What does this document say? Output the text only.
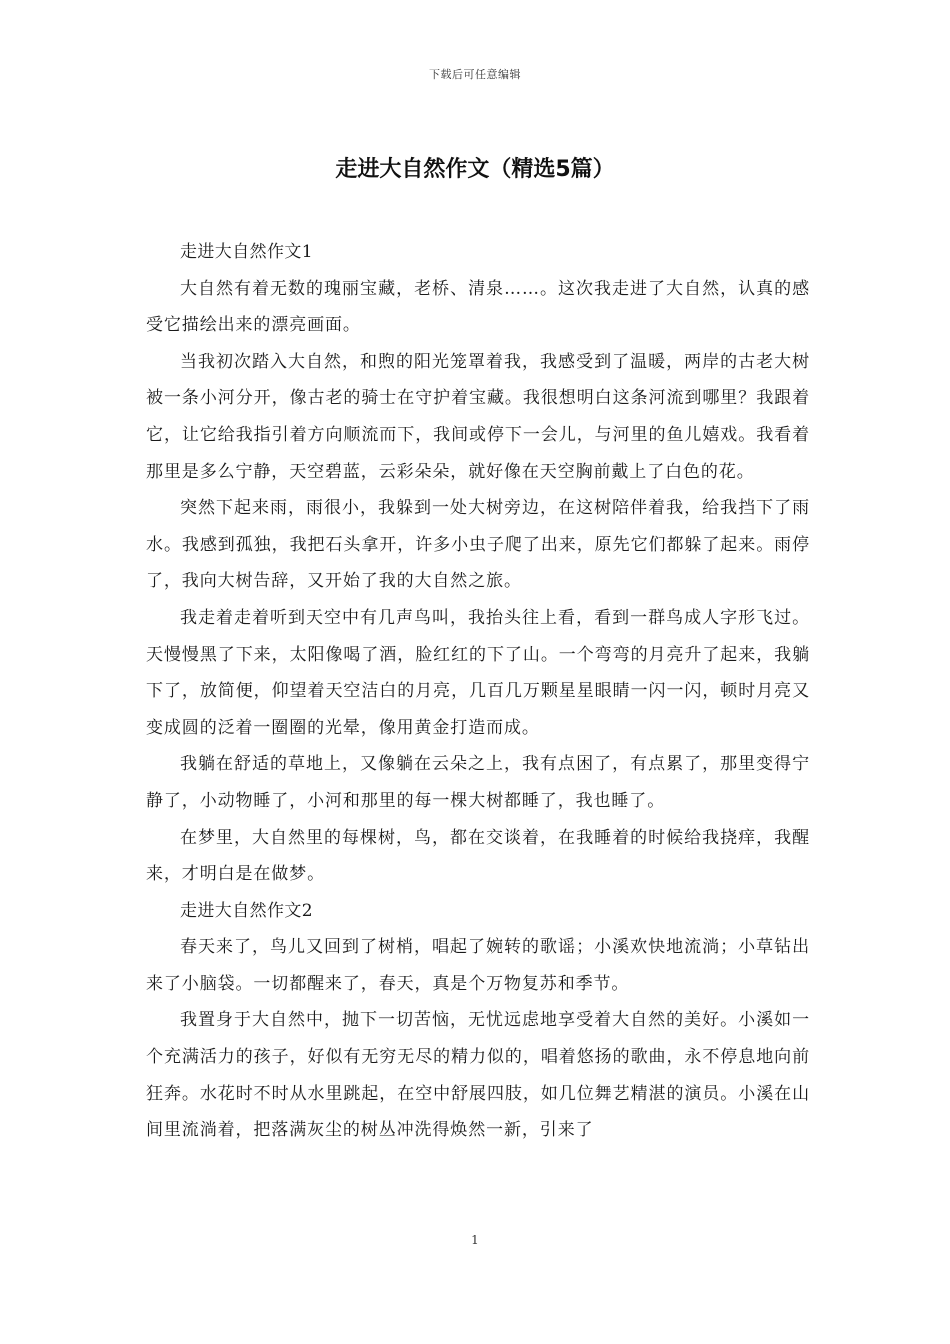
下载后可任意编辑
走进大自然作文（精选5篇）

走进大自然作文1

大自然有着无数的瑰丽宝藏，老桥、清泉……。这次我走进了大自然，认真的感受它描绘出来的漂亮画面。

当我初次踏入大自然，和煦的阳光笼罩着我，我感受到了温暖，两岸的古老大树被一条小河分开，像古老的骑士在守护着宝藏。我很想明白这条河流到哪里？我跟着它，让它给我指引着方向顺流而下，我间或停下一会儿，与河里的鱼儿嬉戏。我看着那里是多么宁静，天空碧蓝，云彩朵朵，就好像在天空胸前戴上了白色的花。

突然下起来雨，雨很小，我躲到一处大树旁边，在这树陪伴着我，给我挡下了雨水。我感到孤独，我把石头拿开，许多小虫子爬了出来，原先它们都躲了起来。雨停了，我向大树告辞，又开始了我的大自然之旅。

我走着走着听到天空中有几声鸟叫，我抬头往上看，看到一群鸟成人字形飞过。天慢慢黑了下来，太阳像喝了酒，脸红红的下了山。一个弯弯的月亮升了起来，我躺下了，放简便，仰望着天空洁白的月亮，几百几万颗星星眼睛一闪一闪，顿时月亮又变成圆的泛着一圈圈的光晕，像用黄金打造而成。

我躺在舒适的草地上，又像躺在云朵之上，我有点困了，有点累了，那里变得宁静了，小动物睡了，小河和那里的每一棵大树都睡了，我也睡了。

在梦里，大自然里的每棵树，鸟，都在交谈着，在我睡着的时候给我挠痒，我醒来，才明白是在做梦。

走进大自然作文2

春天来了，鸟儿又回到了树梢，唱起了婉转的歌谣；小溪欢快地流淌；小草钻出来了小脑袋。一切都醒来了，春天，真是个万物复苏和季节。

我置身于大自然中，抛下一切苦恼，无忧远虑地享受着大自然的美好。小溪如一个充满活力的孩子，好似有无穷无尽的精力似的，唱着悠扬的歌曲，永不停息地向前狂奔。水花时不时从水里跳起，在空中舒展四肢，如几位舞艺精湛的演员。小溪在山间里流淌着，把落满灰尘的树丛冲洗得焕然一新，引来了

1
